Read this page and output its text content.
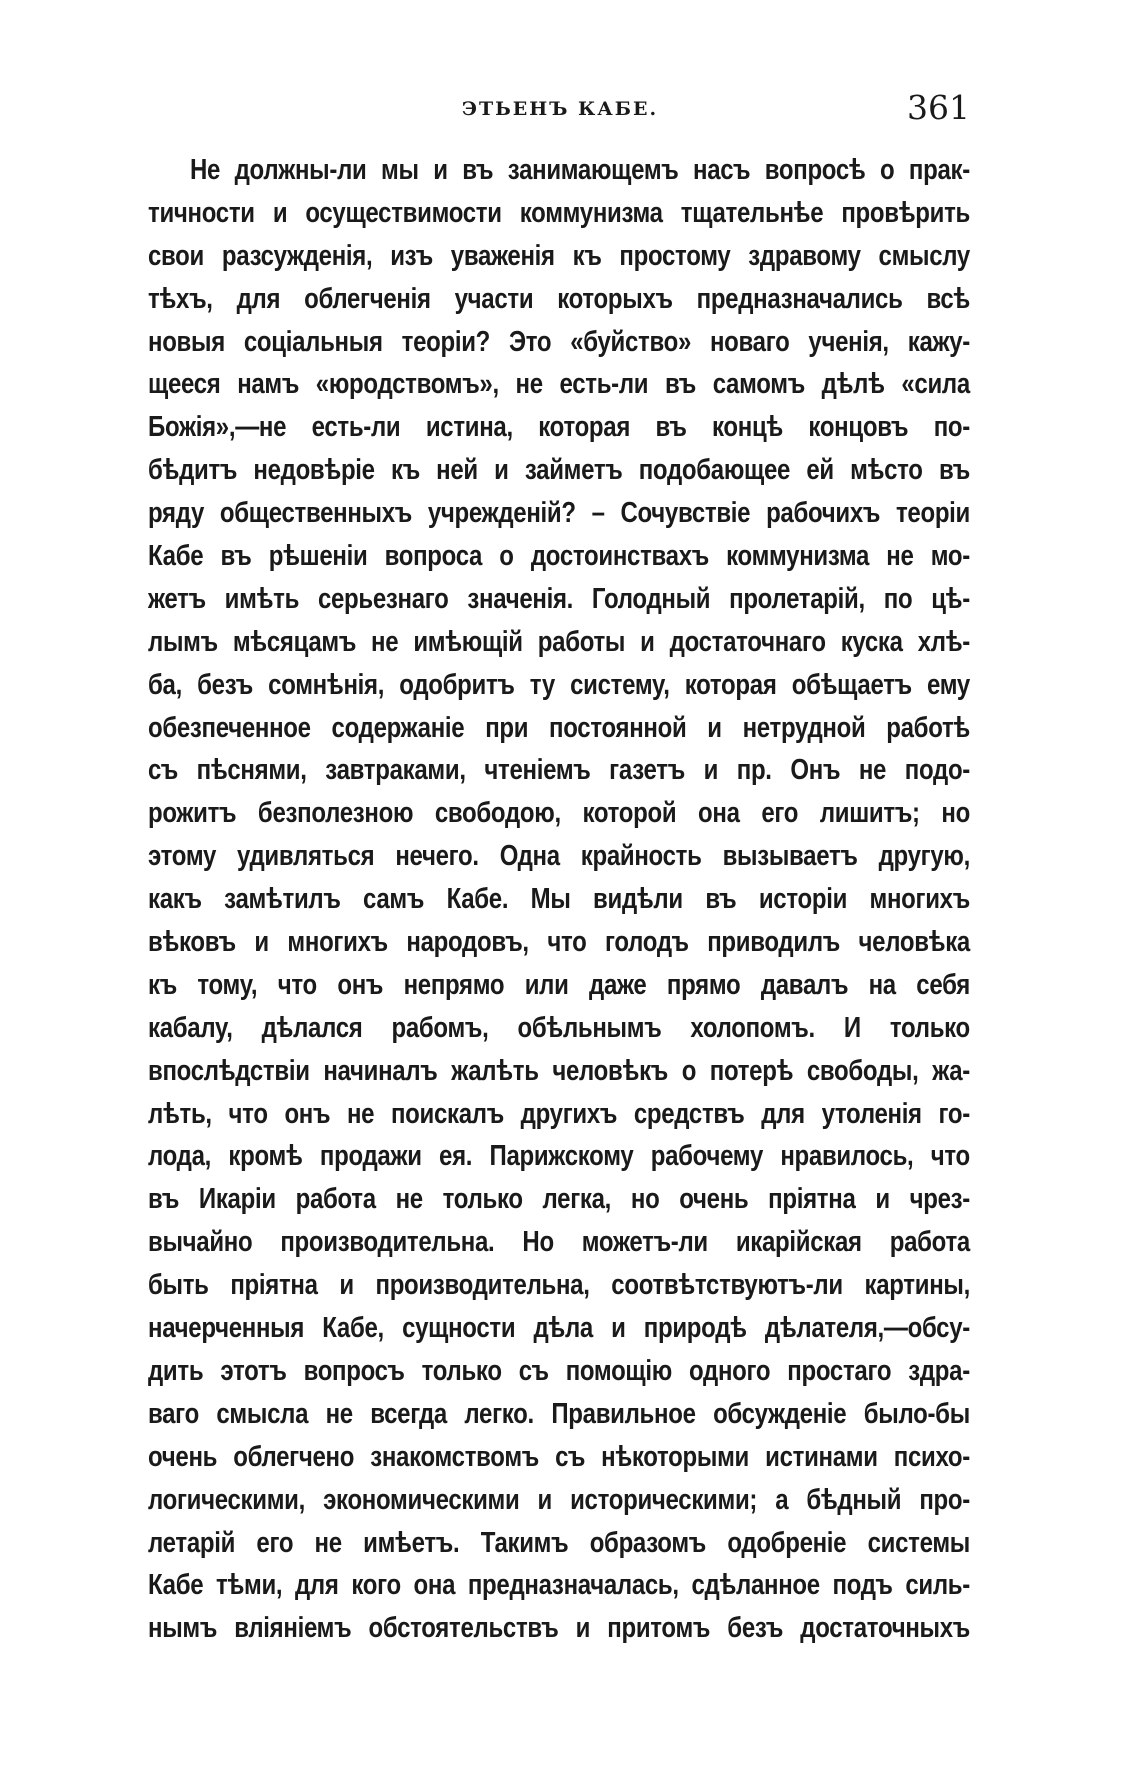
ЭТЬЕНЪ КАБЕ.	361
Не должны-ли мы и въ занимающемъ насъ вопросѣ о прак-
тичности и осуществимости коммунизма тщательнѣе провѣрить
свои разсужденія, изъ уваженія къ простому здравому смыслу
тѣхъ, для облегченія участи которыхъ предназначались всѣ
новыя соціальныя теоріи? Это «буйство» новаго ученія, кажу-
щееся намъ «юродствомъ», не есть-ли въ самомъ дѣлѣ «сила
Божія»,—не есть-ли истина, которая въ концѣ концовъ по-
бѣдитъ недовѣріе къ ней и займетъ подобающее ей мѣсто въ
ряду общественныхъ учрежденій? – Сочувствіе рабочихъ теоріи
Кабе въ рѣшеніи вопроса о достоинствахъ коммунизма не мо-
жетъ имѣть серьезнаго значенія. Голодный пролетарій, по цѣ-
лымъ мѣсяцамъ не имѣющій работы и достаточнаго куска хлѣ-
ба, безъ сомнѣнія, одобритъ ту систему, которая обѣщаетъ ему
обезпеченное содержаніе при постоянной и нетрудной работѣ
съ пѣснями, завтраками, чтеніемъ газетъ и пр. Онъ не подо-
рожитъ безполезною свободою, которой она его лишитъ; но
этому удивляться нечего. Одна крайность вызываетъ другую,
какъ замѣтилъ самъ Кабе. Мы видѣли въ исторіи многихъ
вѣковъ и многихъ народовъ, что голодъ приводилъ человѣка
къ тому, что онъ непрямо или даже прямо давалъ на себя
кабалу, дѣлался рабомъ, обѣльнымъ холопомъ. И только
впослѣдствіи начиналъ жалѣть человѣкъ о потерѣ свободы, жа-
лѣть, что онъ не поискалъ другихъ средствъ для утоленія го-
лода, кромѣ продажи ея. Парижскому рабочему нравилось, что
въ Икаріи работа не только легка, но очень пріятна и чрез-
вычайно производительна. Но можетъ-ли икарійская работа
быть пріятна и производительна, соотвѣтствуютъ-ли картины,
начерченныя Кабе, сущности дѣла и природѣ дѣлателя,—обсу-
дить этотъ вопросъ только съ помощію одного простаго здра-
ваго смысла не всегда легко. Правильное обсужденіе было-бы
очень облегчено знакомствомъ съ нѣкоторыми истинами психо-
логическими, экономическими и историческими; а бѣдный про-
летарій его не имѣетъ. Такимъ образомъ одобреніе системы
Кабе тѣми, для кого она предназначалась, сдѣланное подъ силь-
нымъ вліяніемъ обстоятельствъ и притомъ безъ достаточныхъ
